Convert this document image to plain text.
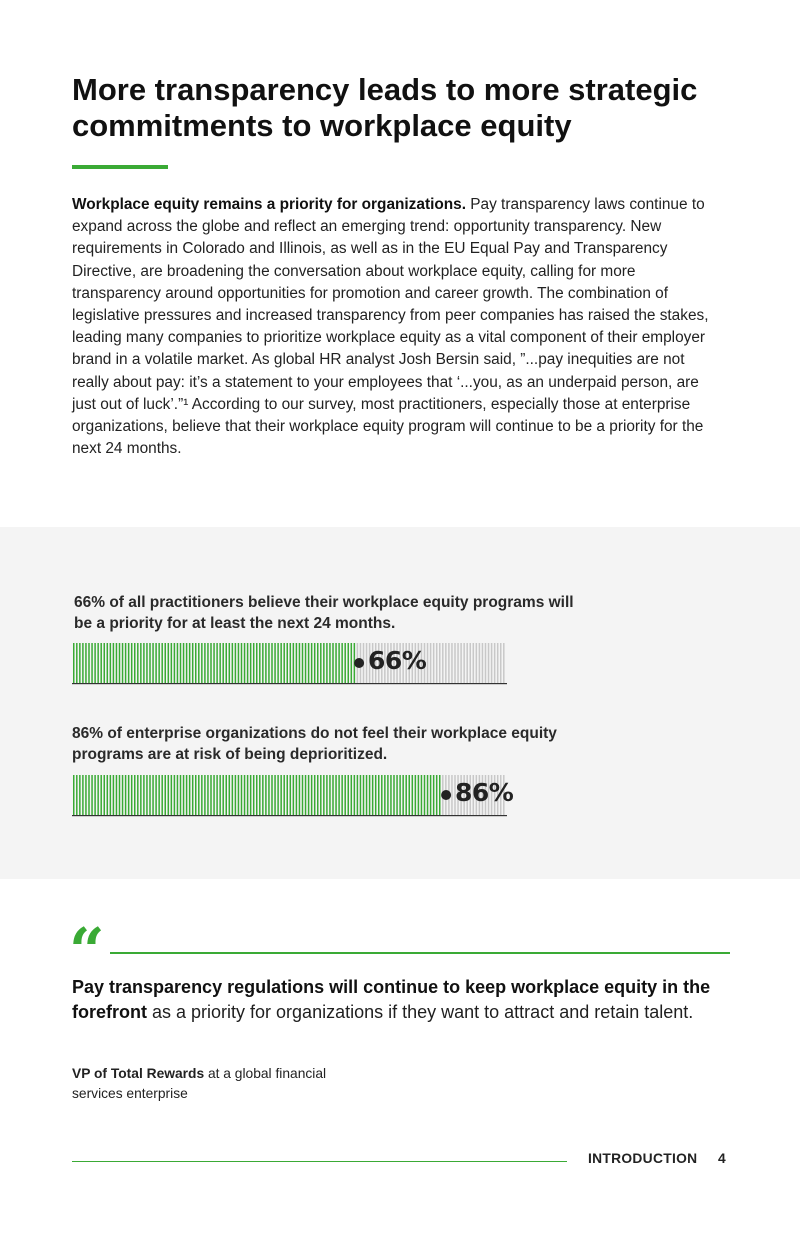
More transparency leads to more strategic commitments to workplace equity

Workplace equity remains a priority for organizations. Pay transparency laws continue to expand across the globe and reflect an emerging trend: opportunity transparency. New requirements in Colorado and Illinois, as well as in the EU Equal Pay and Transparency Directive, are broadening the conversation about workplace equity, calling for more transparency around opportunities for promotion and career growth. The combination of legislative pressures and increased transparency from peer companies has raised the stakes, leading many companies to prioritize workplace equity as a vital component of their employer brand in a volatile market. As global HR analyst Josh Bersin said, ”...pay inequities are not really about pay: it’s a statement to your employees that ‘...you, as an underpaid person, are just out of luck’.”¹ According to our survey, most practitioners, especially those at enterprise organizations, believe that their workplace equity program will continue to be a priority for the next 24 months.

66% of all practitioners believe their workplace equity programs will be a priority for at least the next 24 months.

66%

86% of enterprise organizations do not feel their workplace equity programs are at risk of being deprioritized.

86%
“

Pay transparency regulations will continue to keep workplace equity in the forefront as a priority for organizations if they want to attract and retain talent.

VP of Total Rewards at a global financial services enterprise

INTRODUCTION 4
